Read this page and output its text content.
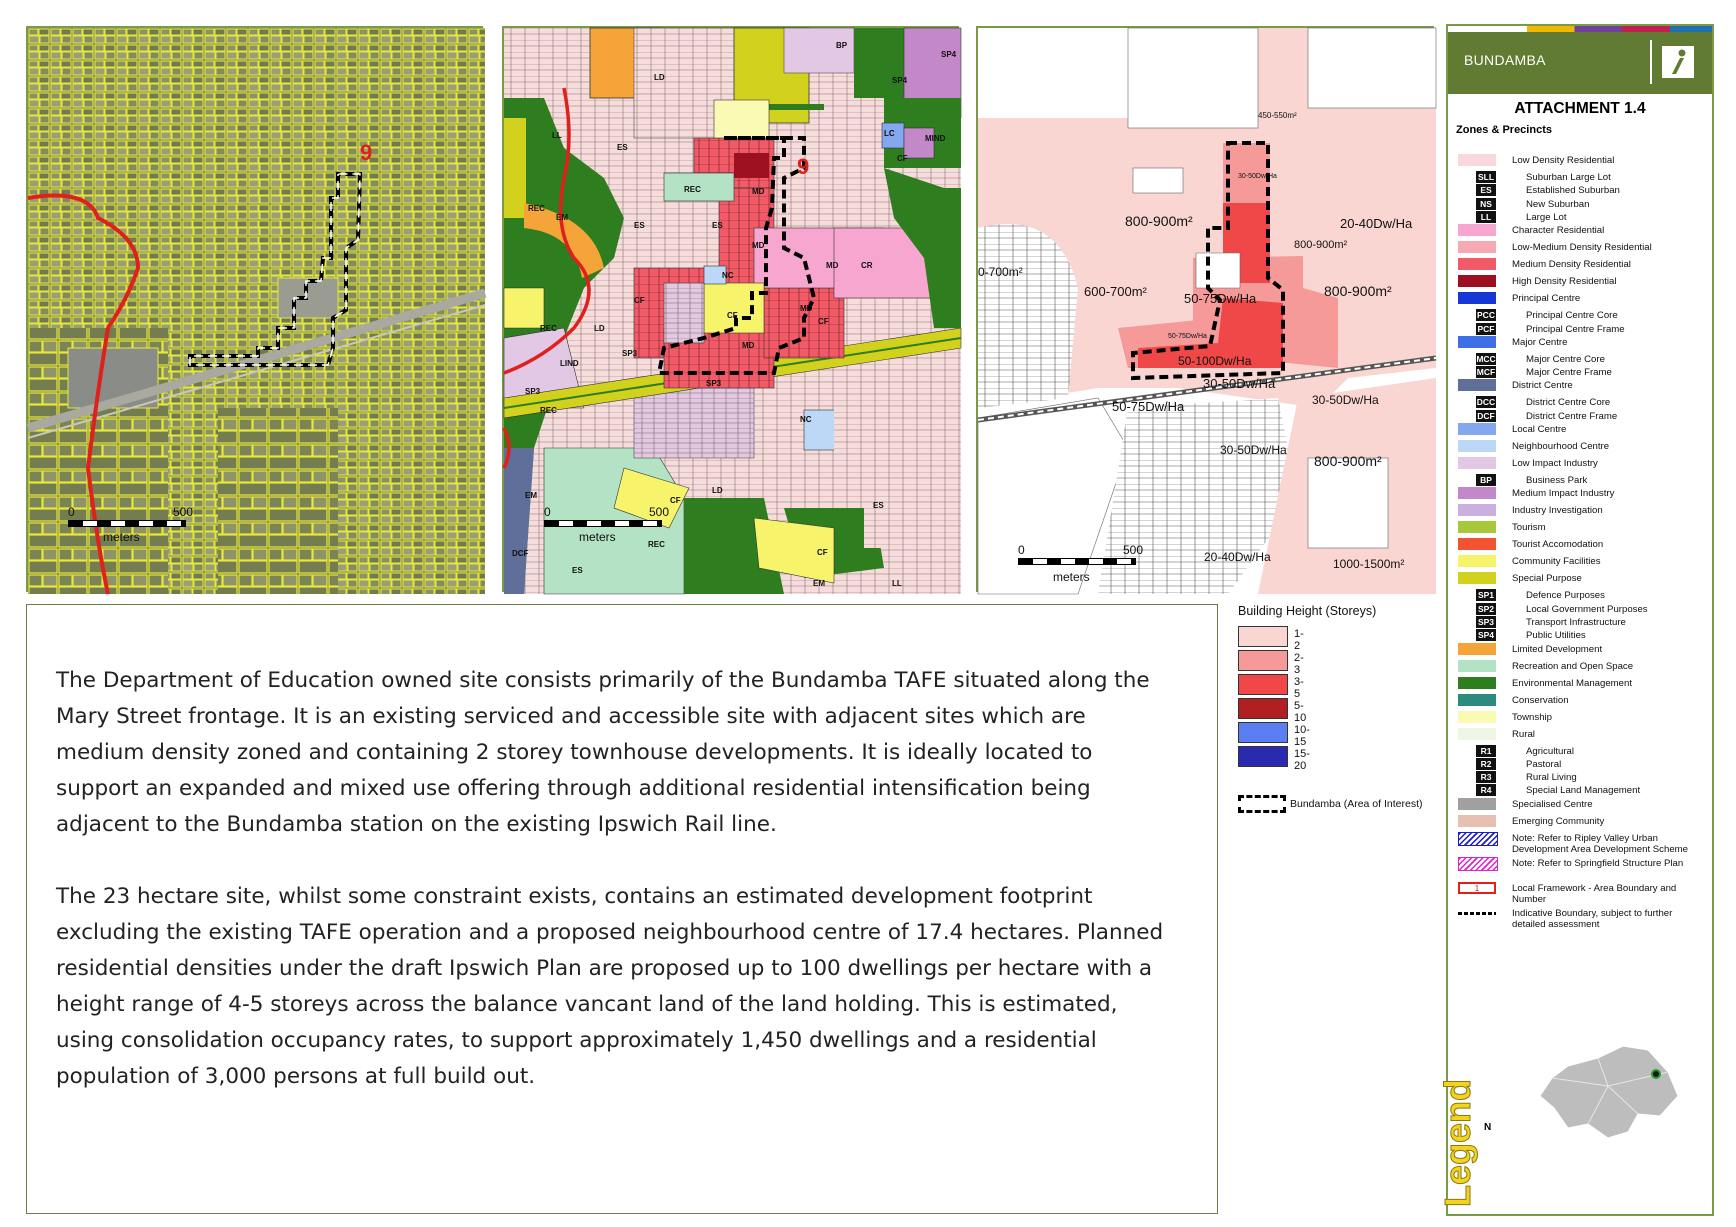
9
0	500
meters
9
LD	SP4
BP
SP4
LC
MIND
CF
LL
ES
REC
REC
EM
MD
MD
ES	ES
MD
NC
CF
MD
CF
CR
CF
REC	LD
MD
LIND
SP3
SP3
SP3
EM
NC
REC
DCF
CF
LD
REC
CF
ES
EM	LL
ES
0	500
meters
450-550m²
30-50Dw/Ha
800-900m²	20-40Dw/Ha
800-900m²
0-700m²
600-700m²	50-75Dw/Ha	800-900m²
50-75Dw/Ha
50-100Dw/Ha
30-50Dw/Ha
30-50Dw/Ha
50-75Dw/Ha
30-50Dw/Ha
800-900m²
20-40Dw/Ha	1000-1500m²
0	500
meters

The Department of Education owned site consists primarily of the Bundamba TAFE situated along the Mary Street frontage. It is an existing serviced and accessible site with adjacent sites which are medium density zoned and containing 2 storey townhouse developments. It is ideally located to support an expanded and mixed use offering through additional residential intensification being adjacent to the Bundamba station on the existing Ipswich Rail line.

The 23 hectare site, whilst some constraint exists, contains an estimated development footprint excluding the existing TAFE operation and a proposed neighbourhood centre of 17.4 hectares. Planned residential densities under the draft Ipswich Plan are proposed up to 100 dwellings per hectare with a height range of 4-5 storeys across the balance vancant land of the land holding. This is estimated, using consolidation occupancy rates, to support approximately 1,450 dwellings and a residential population of 3,000 persons at full build out.

Building Height (Storeys)
1-2
2-3
3-5
5-10
10-15
15-20
Bundamba (Area of Interest)
BUNDAMBA
ATTACHMENT 1.4
Zones & Precincts
Low Density Residential
SLL	Suburban Large Lot
ES	Established Suburban
NS	New Suburban
LL	Large Lot
Character Residential
Low-Medium Density Residential
Medium Density Residential
High Density Residential
Principal Centre
PCC	Principal Centre Core
PCF	Principal Centre Frame
Major Centre
MCC	Major Centre Core
MCF	Major Centre Frame
District Centre
DCC	District Centre Core
DCF	District Centre Frame
Local Centre
Neighbourhood Centre
Low Impact Industry
BP	Business Park
Medium Impact Industry
Industry Investigation
Tourism
Tourist Accomodation
Community Facilities
Special Purpose
SP1	Defence Purposes
SP2	Local Government Purposes
SP3	Transport Infrastructure
SP4	Public Utilities
Limited Development
Recreation and Open Space
Environmental Management
Conservation
Township
Rural
R1	Agricultural
R2	Pastoral
R3	Rural Living
R4	Special Land Management
Specialised Centre
Emerging Community
Note: Refer to Ripley Valley Urban Development Area Development Scheme
Note: Refer to Springfield Structure Plan
1	Local Framework - Area Boundary and Number
Indicative Boundary, subject to further detailed assessment
Legend N
